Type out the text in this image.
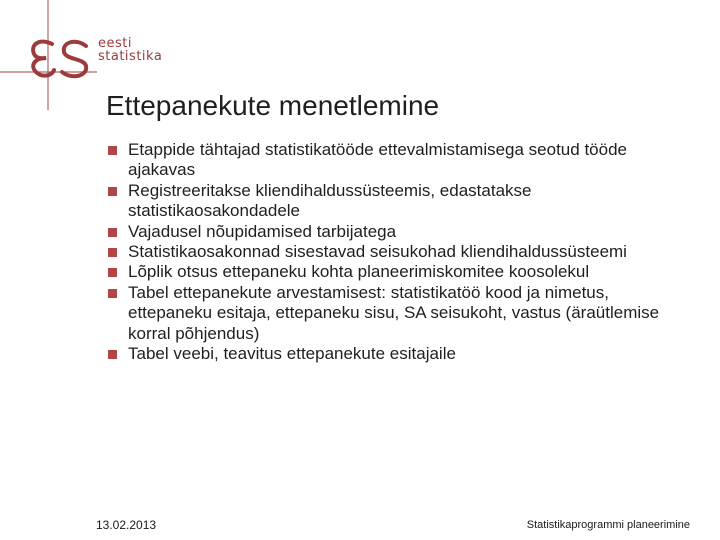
eesti
statistika
Ettepanekute menetlemine
Etappide tähtajad statistikatööde ettevalmistamisega seotud tööde ajakavas
Registreeritakse kliendihaldussüsteemis, edastatakse statistikaosakondadele
Vajadusel nõupidamised tarbijatega
Statistikaosakonnad sisestavad seisukohad kliendihaldussüsteemi
Lõplik otsus ettepaneku kohta planeerimiskomitee koosolekul
Tabel ettepanekute arvestamisest: statistikatöö kood ja nimetus, ettepaneku esitaja, ettepaneku sisu, SA seisukoht, vastus (äraütlemise korral põhjendus)
Tabel veebi, teavitus ettepanekute esitajaile
13.02.2013	Statistikaprogrammi planeerimine
